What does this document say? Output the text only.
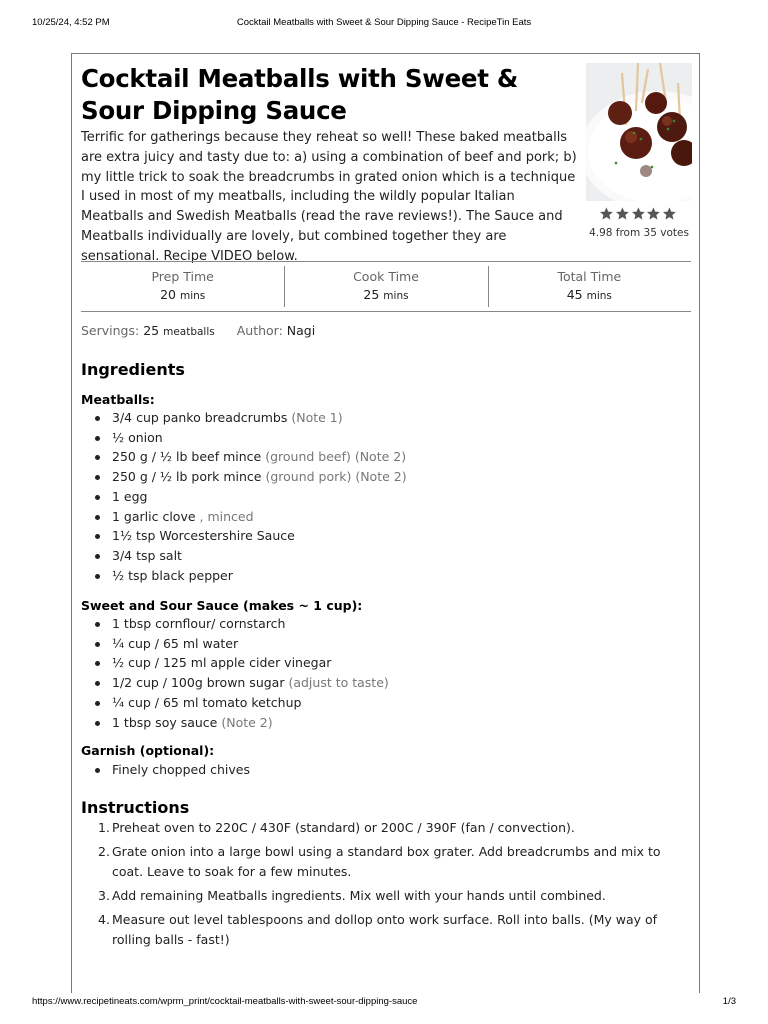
10/25/24, 4:52 PM	Cocktail Meatballs with Sweet & Sour Dipping Sauce - RecipeTin Eats
Cocktail Meatballs with Sweet & Sour Dipping Sauce

Terrific for gatherings because they reheat so well! These baked meatballs are extra juicy and tasty due to: a) using a combination of beef and pork; b) my little trick to soak the breadcrumbs in grated onion which is a technique I used in most of my meatballs, including the wildly popular Italian Meatballs and Swedish Meatballs (read the rave reviews!). The Sauce and Meatballs individually are lovely, but combined together they are sensational. Recipe VIDEO below.

4.98 from 35 votes
Prep Time
20 mins
Cook Time
25 mins
Total Time
45 mins
Servings: 25 meatballs Author: Nagi
Ingredients
Meatballs:
3/4 cup panko breadcrumbs (Note 1)
½ onion
250 g / ½ lb beef mince (ground beef) (Note 2)
250 g / ½ lb pork mince (ground pork) (Note 2)
1 egg
1 garlic clove , minced
1½ tsp Worcestershire Sauce
3/4 tsp salt
½ tsp black pepper
Sweet and Sour Sauce (makes ~ 1 cup):
1 tbsp cornflour/ cornstarch
¼ cup / 65 ml water
½ cup / 125 ml apple cider vinegar
1/2 cup / 100g brown sugar (adjust to taste)
¼ cup / 65 ml tomato ketchup
1 tbsp soy sauce (Note 2)
Garnish (optional):
Finely chopped chives
Instructions
1. Preheat oven to 220C / 430F (standard) or 200C / 390F (fan / convection).
2. Grate onion into a large bowl using a standard box grater. Add breadcrumbs and mix to coat. Leave to soak for a few minutes.
3. Add remaining Meatballs ingredients. Mix well with your hands until combined.
4. Measure out level tablespoons and dollop onto work surface. Roll into balls. (My way of rolling balls - fast!)
https://www.recipetineats.com/wprm_print/cocktail-meatballs-with-sweet-sour-dipping-sauce	1/3
